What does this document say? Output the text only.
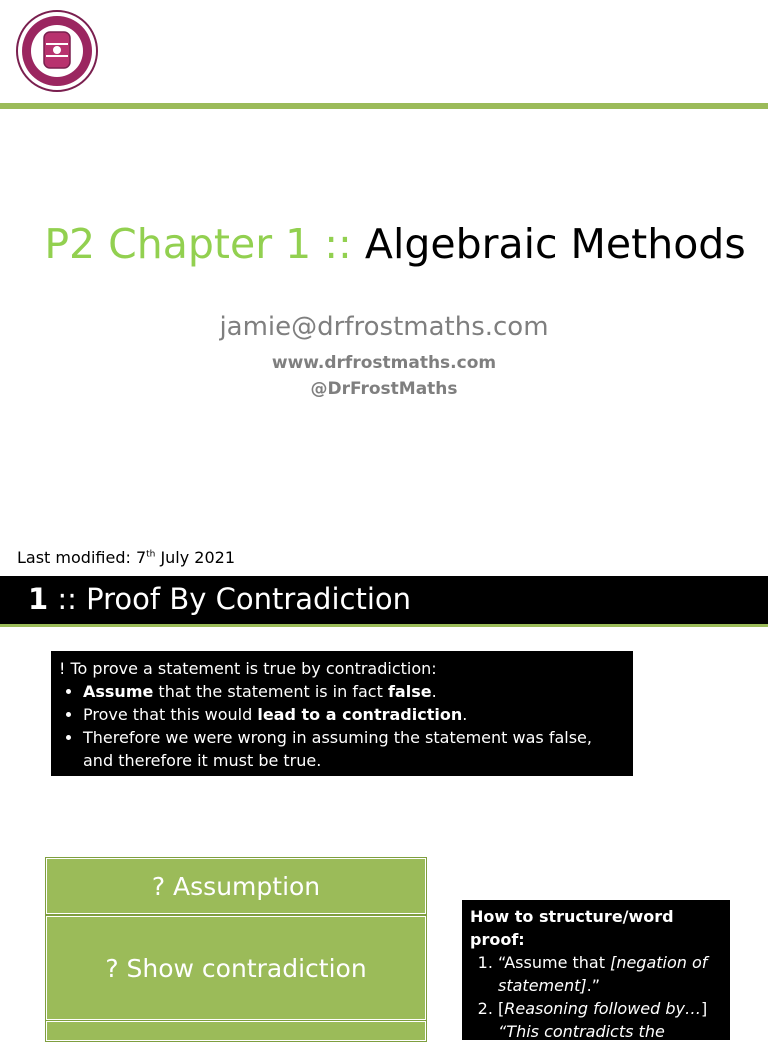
P2 Chapter 1 :: Algebraic Methods
jamie@drfrostmaths.com
www.drfrostmaths.com
@DrFrostMaths
Last modified: 7th July 2021
1 :: Proof By Contradiction
! To prove a statement is true by contradiction:
• Assume that the statement is in fact false.
• Prove that this would lead to a contradiction.
• Therefore we were wrong in assuming the statement was false, and therefore it must be true.
? Assumption
? Show contradiction
How to structure/word proof:
1. “Assume that [negation of statement].”
2. [Reasoning followed by…] “This contradicts the
